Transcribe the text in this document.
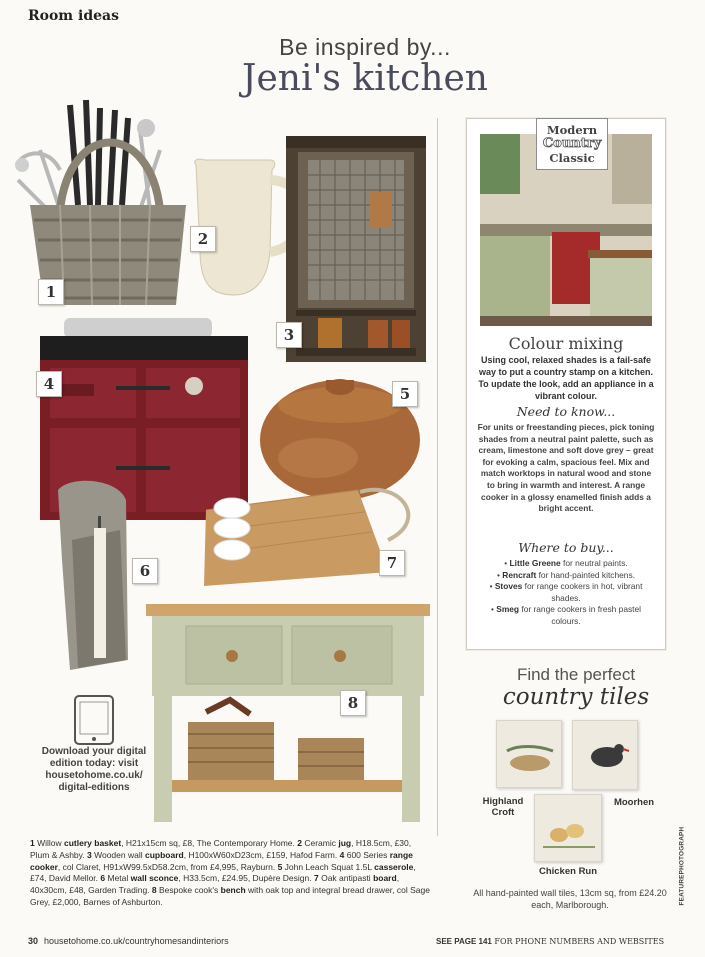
Room ideas
Be inspired by...
Jeni's kitchen
1
2
3
4
5
6	7
8
Download your digital edition today: visit housetohome.co.uk/ digital-editions
Modern
Country
Classic
Colour mixing
Using cool, relaxed shades is a fail-safe way to put a country stamp on a kitchen. To update the look, add an appliance in a vibrant colour.
Need to know...
For units or freestanding pieces, pick toning shades from a neutral paint palette, such as cream, limestone and soft dove grey – great for evoking a calm, spacious feel. Mix and match worktops in natural wood and stone to bring in warmth and interest. A range cooker in a glossy enamelled finish adds a bright accent.
Where to buy...
• Little Greene for neutral paints.
• Rencraft for hand-painted kitchens.
• Stoves for range cookers in hot, vibrant shades.
• Smeg for range cookers in fresh pastel colours.
Find the perfect
country tiles
Highland Croft
Moorhen
Chicken Run
All hand-painted wall tiles, 13cm sq, from £24.20 each, Marlborough.
1 Willow cutlery basket, H21x15cm sq, £8, The Contemporary Home. 2 Ceramic jug, H18.5cm, £30, Plum & Ashby. 3 Wooden wall cupboard, H100xW60xD23cm, £159, Hafod Farm. 4 600 Series range cooker, col Claret, H91xW99.5xD58.2cm, from £4,995, Rayburn. 5 John Leach Squat 1.5L casserole, £74, David Mellor. 6 Metal wall sconce, H33.5cm, £24.95, Dupère Design. 7 Oak antipasti board, 40x30cm, £48, Garden Trading. 8 Bespoke cook's bench with oak top and integral bread drawer, col Sage Grey, £2,000, Barnes of Ashburton.
30 housetohome.co.uk/countryhomesandinteriors	SEE PAGE 141 FOR PHONE NUMBERS AND WEBSITES
FEATURE
PHOTOGRAPH
